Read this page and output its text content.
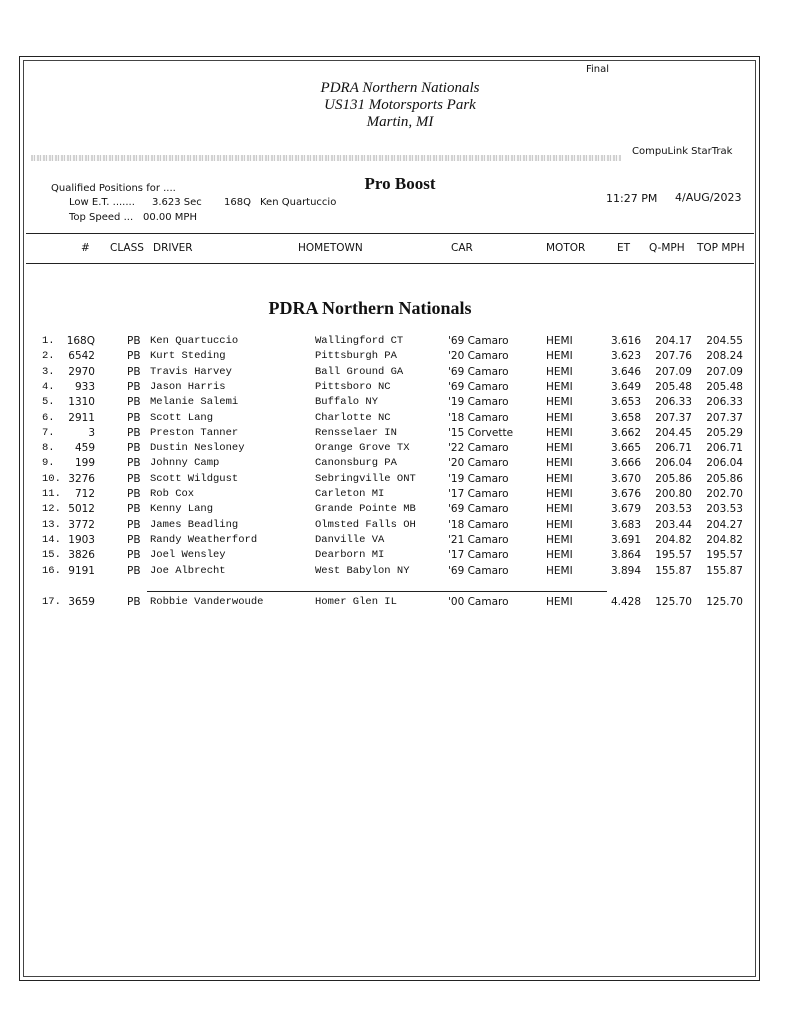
Final
PDRA Northern Nationals
US131 Motorsports Park
Martin, MI
CompuLink StarTrak
Pro Boost
Qualified Positions for ....
Low E.T. ....... 3.623 Sec 168Q Ken Quartuccio
Top Speed ... 00.00 MPH
11:27 PM 4/AUG/2023
# CLASS DRIVER	HOMETOWN	CAR	MOTOR	ET Q-MPH TOP MPH
PDRA Northern Nationals
1. 168Q	PB Ken Quartuccio	Wallingford CT	'69 Camaro	HEMI	3.616 204.17 204.55
2. 6542	PB Kurt Steding	Pittsburgh PA	'20 Camaro	HEMI	3.623 207.76 208.24
3. 2970	PB Travis Harvey	Ball Ground GA	'69 Camaro	HEMI	3.646 207.09 207.09
4. 933	PB Jason Harris	Pittsboro NC	'69 Camaro	HEMI	3.649 205.48 205.48
5. 1310	PB Melanie Salemi	Buffalo NY	'19 Camaro	HEMI	3.653 206.33 206.33
6. 2911	PB Scott Lang	Charlotte NC	'18 Camaro	HEMI	3.658 207.37 207.37
7.	3	PB Preston Tanner	Rensselaer IN	'15 Corvette	HEMI	3.662 204.45 205.29
8. 459	PB Dustin Nesloney	Orange Grove TX	'22 Camaro	HEMI	3.665 206.71 206.71
9. 199	PB Johnny Camp	Canonsburg PA	'20 Camaro	HEMI	3.666 206.04 206.04
10. 3276	PB Scott Wildgust	Sebringville ONT	'19 Camaro	HEMI	3.670 205.86 205.86
11. 712	PB Rob Cox	Carleton MI	'17 Camaro	HEMI	3.676 200.80 202.70
12. 5012	PB Kenny Lang	Grande Pointe MB	'69 Camaro	HEMI	3.679 203.53 203.53
13. 3772	PB James Beadling	Olmsted Falls OH	'18 Camaro	HEMI	3.683 203.44 204.27
14. 1903	PB Randy Weatherford	Danville VA	'21 Camaro	HEMI	3.691 204.82 204.82
15. 3826	PB Joel Wensley	Dearborn MI	'17 Camaro	HEMI	3.864 195.57 195.57
16. 9191	PB Joe Albrecht	West Babylon NY	'69 Camaro	HEMI	3.894 155.87 155.87
17. 3659	PB Robbie Vanderwoude	Homer Glen IL	'00 Camaro	HEMI	4.428 125.70 125.70
